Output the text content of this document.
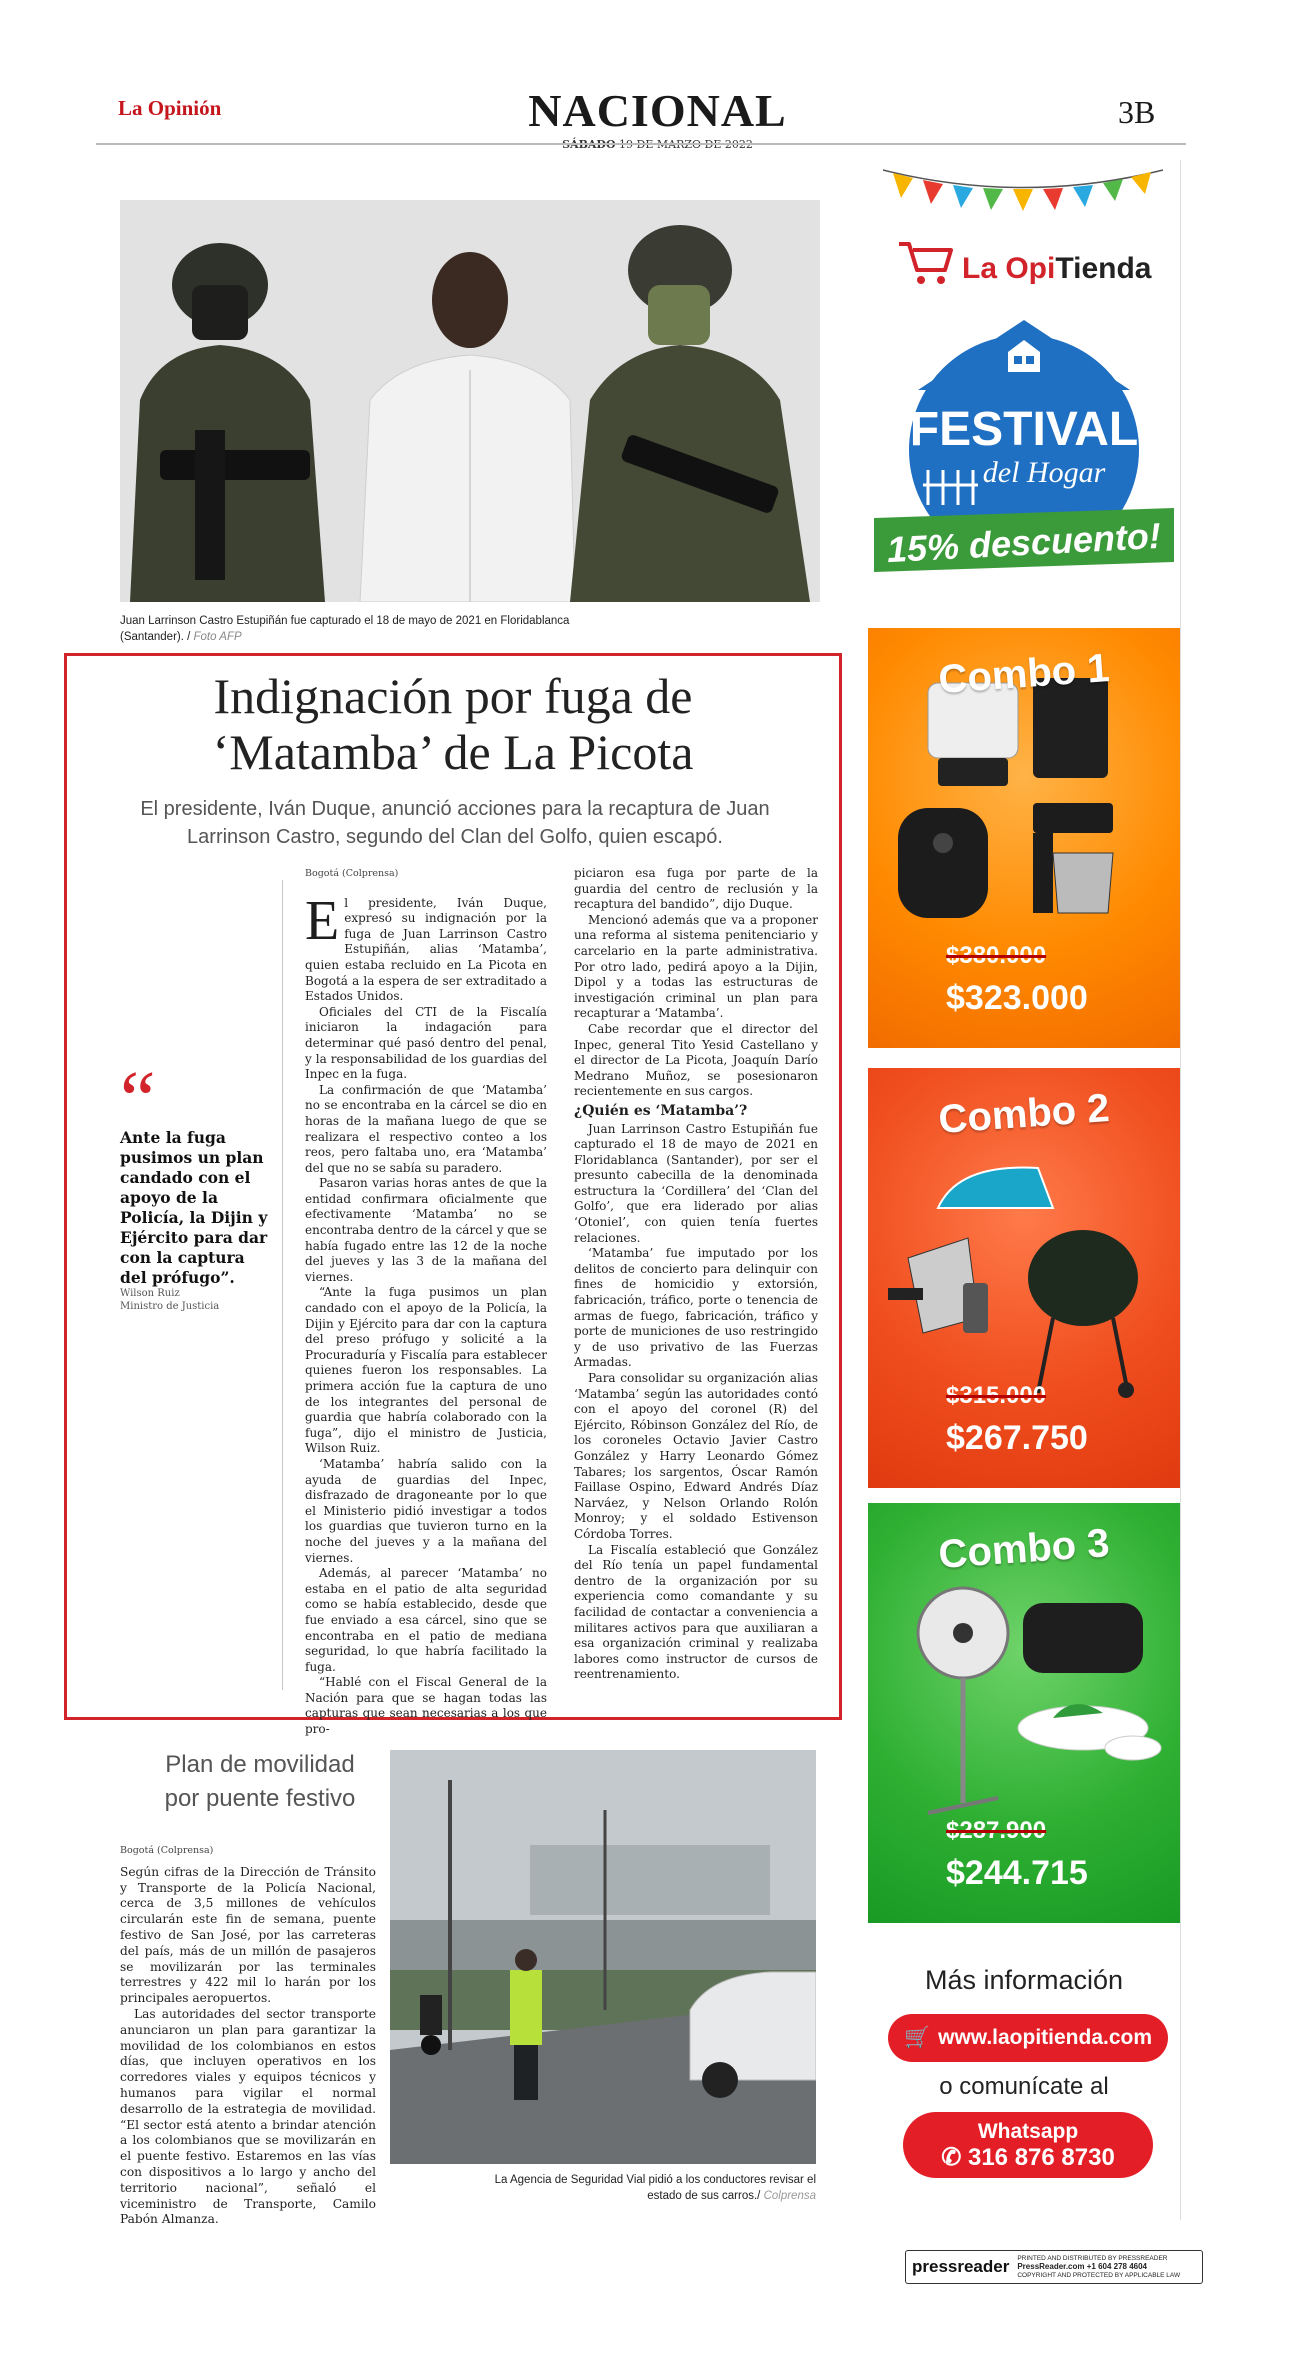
La Opinión	NACIONAL	3B
Juan Larrinson Castro Estupiñán fue capturado el 18 de mayo de 2021 en Floridablanca (Santander). / Foto AFP
Indignación por fuga de
‘Matamba’ de La Picota
El presidente, Iván Duque, anunció acciones para la recaptura de Juan Larrinson Castro, segundo del Clan del Golfo, quien escapó.
“
Ante la fuga pusimos un plan candado con el apoyo de la Policía, la Dijin y Ejército para dar con la captura del prófugo”.
Wilson Ruiz
Ministro de Justicia
Bogotá (Colprensa)

El presidente, Iván Duque, expresó su indignación por la fuga de Juan Larrinson Castro Estupiñán, alias ‘Matamba’, quien estaba recluido en La Picota en Bogotá a la espera de ser extraditado a Estados Unidos.

Oficiales del CTI de la Fiscalía iniciaron la indagación para determinar qué pasó dentro del penal, y la responsabilidad de los guardias del Inpec en la fuga.

La confirmación de que ‘Matamba’ no se encontraba en la cárcel se dio en horas de la mañana luego de que se realizara el respectivo conteo a los reos, pero faltaba uno, era ‘Matamba’ del que no se sabía su paradero.

Pasaron varias horas antes de que la entidad confirmara oficialmente que efectivamente ‘Matamba’ no se encontraba dentro de la cárcel y que se había fugado entre las 12 de la noche del jueves y las 3 de la mañana del viernes.

“Ante la fuga pusimos un plan candado con el apoyo de la Policía, la Dijin y Ejército para dar con la captura del preso prófugo y solicité a la Procuraduría y Fiscalía para establecer quienes fueron los responsables. La primera acción fue la captura de uno de los integrantes del personal de guardia que habría colaborado con la fuga”, dijo el ministro de Justicia, Wilson Ruiz.

‘Matamba’ habría salido con la ayuda de guardias del Inpec, disfrazado de dragoneante por lo que el Ministerio pidió investigar a todos los guardias que tuvieron turno en la noche del jueves y a la mañana del viernes.

Además, al parecer ‘Matamba’ no estaba en el patio de alta seguridad como se había establecido, desde que fue enviado a esa cárcel, sino que se encontraba en el patio de mediana seguridad, lo que habría facilitado la fuga.

“Hablé con el Fiscal General de la Nación para que se hagan todas las capturas que sean necesarias a los que pro-

piciaron esa fuga por parte de la guardia del centro de reclusión y la recaptura del bandido”, dijo Duque.

Mencionó además que va a proponer una reforma al sistema penitenciario y carcelario en la parte administrativa. Por otro lado, pedirá apoyo a la Dijin, Dipol y a todas las estructuras de investigación criminal un plan para recapturar a ‘Matamba’.

Cabe recordar que el director del Inpec, general Tito Yesid Castellano y el director de La Picota, Joaquín Darío Medrano Muñoz, se posesionaron recientemente en sus cargos.

¿Quién es ‘Matamba’?

Juan Larrinson Castro Estupiñán fue capturado el 18 de mayo de 2021 en Floridablanca (Santander), por ser el presunto cabecilla de la denominada estructura la ‘Cordillera’ del ‘Clan del Golfo’, que era liderado por alias ‘Otoniel’, con quien tenía fuertes relaciones.

‘Matamba’ fue imputado por los delitos de concierto para delinquir con fines de homicidio y extorsión, fabricación, tráfico, porte o tenencia de armas de fuego, fabricación, tráfico y porte de municiones de uso restringido y de uso privativo de las Fuerzas Armadas.

Para consolidar su organización alias ‘Matamba’ según las autoridades contó con el apoyo del coronel (R) del Ejército, Róbinson González del Río, de los coroneles Octavio Javier Castro González y Harry Leonardo Gómez Tabares; los sargentos, Óscar Ramón Faillase Ospino, Edward Andrés Díaz Narváez, y Nelson Orlando Rolón Monroy; y el soldado Estivenson Córdoba Torres.

La Fiscalía estableció que González del Río tenía un papel fundamental dentro de la organización por su experiencia como comandante y su facilidad de contactar a conveniencia a militares activos para que auxiliaran a esa organización criminal y realizaba labores como instructor de cursos de reentrenamiento.

Plan de movilidad
por puente festivo
Bogotá (Colprensa)

Según cifras de la Dirección de Tránsito y Transporte de la Policía Nacional, cerca de 3,5 millones de vehículos circularán este fin de semana, puente festivo de San José, por las carreteras del país, más de un millón de pasajeros se movilizarán por las terminales terrestres y 422 mil lo harán por los principales aeropuertos.

Las autoridades del sector transporte anunciaron un plan para garantizar la movilidad de los colombianos en estos días, que incluyen operativos en los corredores viales y equipos técnicos y humanos para vigilar el normal desarrollo de la estrategia de movilidad. “El sector está atento a brindar atención a los colombianos que se movilizarán en el puente festivo. Estaremos en las vías con dispositivos a lo largo y ancho del territorio nacional”, señaló el viceministro de Transporte, Camilo Pabón Almanza.

La Agencia de Seguridad Vial pidió a los conductores revisar el estado de sus carros./ Colprensa
La OpiTienda
FESTIVAL
del Hogar
15% descuento!
Combo 1
$380.000
$323.000
Combo 2
$315.000
$267.750
Combo 3
$287.900
$244.715
Más información
🛒 www.laopitienda.com
o comunícate al
Whatsapp
✆ 316 876 8730
pressreader PRINTED AND DISTRIBUTED BY PRESSREADER
PressReader.com +1 604 278 4604
COPYRIGHT AND PROTECTED BY APPLICABLE LAW
